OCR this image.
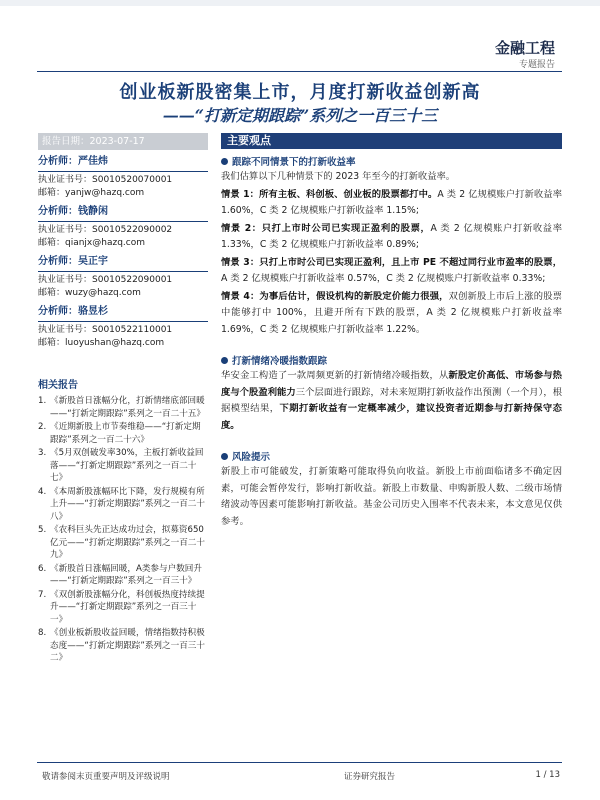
金融工程
专题报告
创业板新股密集上市，月度打新收益创新高
——“打新定期跟踪”系列之一百三十三
报告日期：2023-07-17
分析师：严佳炜
执业证书号：S0010520070001
邮箱：yanjw@hazq.com
分析师：钱静闲
执业证书号：S0010522090002
邮箱：qianjx@hazq.com
分析师：吴正宇
执业证书号：S0010522090001
邮箱：wuzy@hazq.com
分析师：骆昱杉
执业证书号：S0010522110001
邮箱：luoyushan@hazq.com
相关报告
1. 《新股首日涨幅分化，打新情绪底部回暖——“打新定期跟踪”系列之一百二十五》
2. 《近期新股上市节奏维稳——“打新定期跟踪”系列之一百二十六》
3. 《5月双创破发率30%，主板打新收益回落——“打新定期跟踪”系列之一百二十七》
4. 《本周新股涨幅环比下降，发行规模有所上升——“打新定期跟踪”系列之一百二十八》
5. 《农科巨头先正达成功过会，拟募资650亿元——“打新定期跟踪”系列之一百二十九》
6. 《新股首日涨幅回暖，A类参与户数回升——“打新定期跟踪”系列之一百三十》
7. 《双创新股涨幅分化，科创板热度持续提升——“打新定期跟踪”系列之一百三十一》
8. 《创业板新股收益回暖，情绪指数持积极态度——“打新定期跟踪”系列之一百三十二》
主要观点
跟踪不同情景下的打新收益率

我们估算以下几种情景下的 2023 年至今的打新收益率。

情景 1：所有主板、科创板、创业板的股票都打中。A 类 2 亿规模账户打新收益率 1.60%，C 类 2 亿规模账户打新收益率 1.15%;

情景 2：只打上市时公司已实现正盈利的股票，A 类 2 亿规模账户打新收益率 1.33%，C 类 2 亿规模账户打新收益率 0.89%;

情景 3：只打上市时公司已实现正盈利，且上市 PE 不超过同行业市盈率的股票，A 类 2 亿规模账户打新收益率 0.57%，C 类 2 亿规模账户打新收益率 0.33%;

情景 4：为事后估计，假设机构的新股定价能力很强，双创新股上市后上涨的股票中能够打中 100%，且避开所有下跌的股票，A 类 2 亿规模账户打新收益率 1.69%，C 类 2 亿规模账户打新收益率 1.22%。

打新情绪冷暖指数跟踪

华安金工构造了一款周频更新的打新情绪冷暖指数，从新股定价高低、市场参与热度与个股盈利能力三个层面进行跟踪，对未来短期打新收益作出预测（一个月），根据模型结果，下期打新收益有一定概率减少，建议投资者近期参与打新持保守态度。

风险提示

新股上市可能破发，打新策略可能取得负向收益。新股上市前面临诸多不确定因素，可能会暂停发行，影响打新收益。新股上市数量、申购新股人数、二级市场情绪波动等因素可能影响打新收益。基金公司历史入围率不代表未来，本文意见仅供参考。

敬请参阅末页重要声明及评级说明	证券研究报告	1 / 13
